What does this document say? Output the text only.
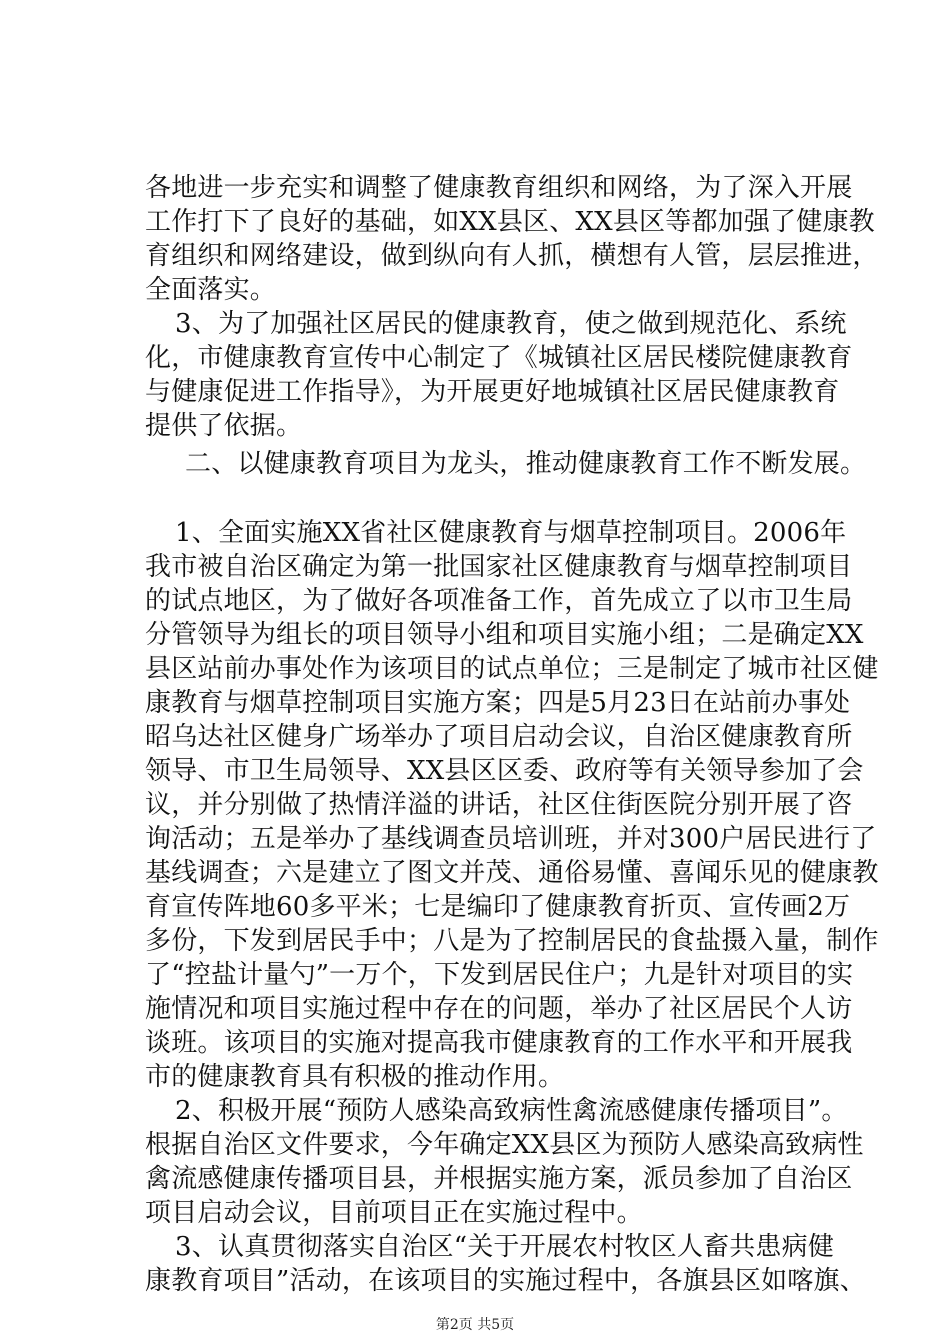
各地进一步充实和调整了健康教育组织和网络，为了深入开展
工作打下了良好的基础，如XX县区、XX县区等都加强了健康教
育组织和网络建设，做到纵向有人抓，横想有人管，层层推进，
全面落实。
3、为了加强社区居民的健康教育，使之做到规范化、系统
化，市健康教育宣传中心制定了《城镇社区居民楼院健康教育
与健康促进工作指导》，为开展更好地城镇社区居民健康教育
提供了依据。
二、以健康教育项目为龙头，推动健康教育工作不断发展。
1、全面实施XX省社区健康教育与烟草控制项目。2006年
我市被自治区确定为第一批国家社区健康教育与烟草控制项目
的试点地区，为了做好各项准备工作，首先成立了以市卫生局
分管领导为组长的项目领导小组和项目实施小组；二是确定XX
县区站前办事处作为该项目的试点单位；三是制定了城市社区健
康教育与烟草控制项目实施方案；四是5月23日在站前办事处
昭乌达社区健身广场举办了项目启动会议，自治区健康教育所
领导、市卫生局领导、XX县区区委、政府等有关领导参加了会
议，并分别做了热情洋溢的讲话，社区住街医院分别开展了咨
询活动；五是举办了基线调查员培训班，并对300户居民进行了
基线调查；六是建立了图文并茂、通俗易懂、喜闻乐见的健康教
育宣传阵地60多平米；七是编印了健康教育折页、宣传画2万
多份，下发到居民手中；八是为了控制居民的食盐摄入量，制作
了“控盐计量勺”一万个，下发到居民住户；九是针对项目的实
施情况和项目实施过程中存在的问题，举办了社区居民个人访
谈班。该项目的实施对提高我市健康教育的工作水平和开展我
市的健康教育具有积极的推动作用。
2、积极开展“预防人感染高致病性禽流感健康传播项目”。
根据自治区文件要求，今年确定XX县区为预防人感染高致病性
禽流感健康传播项目县，并根据实施方案，派员参加了自治区
项目启动会议，目前项目正在实施过程中。
3、认真贯彻落实自治区“关于开展农村牧区人畜共患病健
康教育项目”活动，在该项目的实施过程中，各旗县区如喀旗、
第2页 共5页
